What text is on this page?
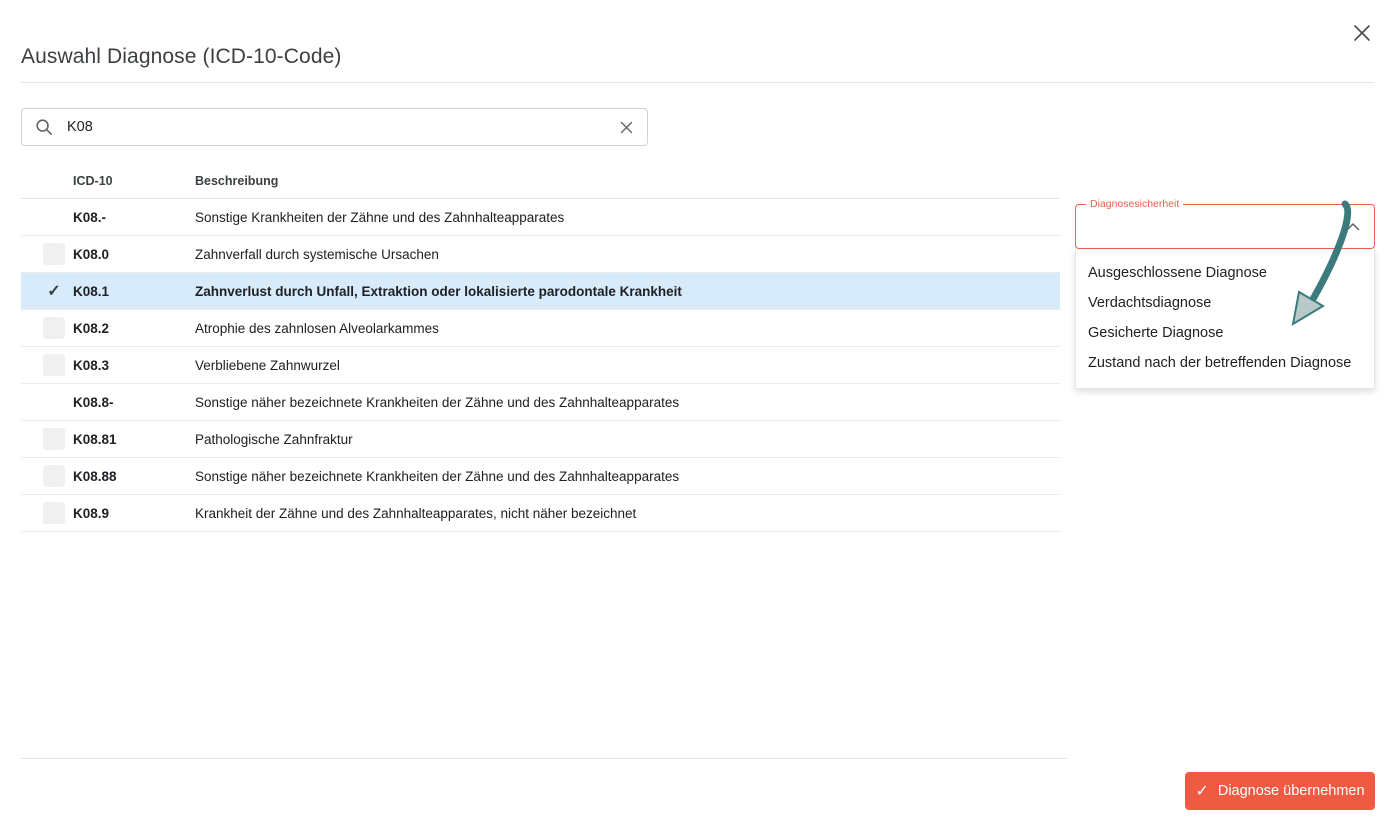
Auswahl Diagnose (ICD-10-Code)
K08
	ICD-10	Beschreibung

	K08.-	Sonstige Krankheiten der Zähne und des Zahnhalteapparates

	K08.0	Zahnverfall durch systemische Ursachen

✓	K08.1	Zahnverlust durch Unfall, Extraktion oder lokalisierte parodontale Krankheit

	K08.2	Atrophie des zahnlosen Alveolarkammes

	K08.3	Verbliebene Zahnwurzel

	K08.8-	Sonstige näher bezeichnete Krankheiten der Zähne und des Zahnhalteapparates

	K08.81	Pathologische Zahnfraktur

	K08.88	Sonstige näher bezeichnete Krankheiten der Zähne und des Zahnhalteapparates

	K08.9	Krankheit der Zähne und des Zahnhalteapparates, nicht näher bezeichnet
Diagnosesicherheit
Ausgeschlossene Diagnose
Verdachtsdiagnose
Gesicherte Diagnose
Zustand nach der betreffenden Diagnose
✓ Diagnose übernehmen
